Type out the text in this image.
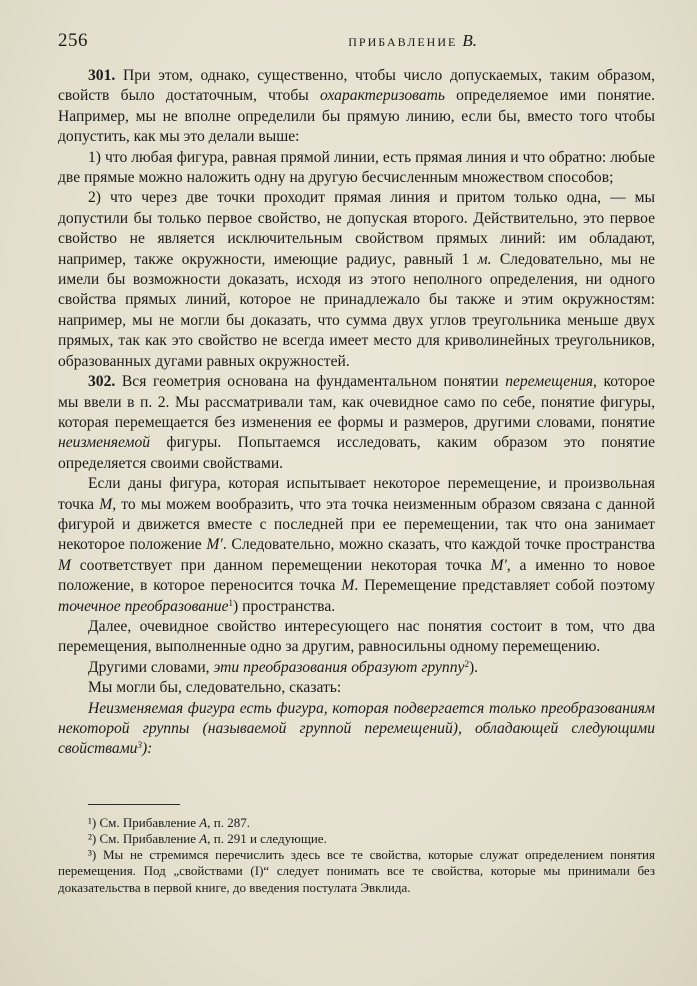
256	ПРИБАВЛЕНИЕ В.

301. При этом, однако, существенно, чтобы число допускаемых, таким образом, свойств было достаточным, чтобы охарактеризовать определяемое ими понятие. Например, мы не вполне определили бы прямую линию, если бы, вместо того чтобы допустить, как мы это делали выше:

1) что любая фигура, равная прямой линии, есть прямая линия и что обратно: любые две прямые можно наложить одну на другую бесчисленным множеством способов;

2) что через две точки проходит прямая линия и притом только одна, — мы допустили бы только первое свойство, не допуская второго. Действительно, это первое свойство не является исключительным свойством прямых линий: им обладают, например, также окружности, имеющие радиус, равный 1 м. Следовательно, мы не имели бы возможности доказать, исходя из этого неполного определения, ни одного свойства прямых линий, которое не принадлежало бы также и этим окружностям: например, мы не могли бы доказать, что сумма двух углов треугольника меньше двух прямых, так как это свойство не всегда имеет место для криволинейных треугольников, образованных дугами равных окружностей.

302. Вся геометрия основана на фундаментальном понятии перемещения, которое мы ввели в п. 2. Мы рассматривали там, как очевидное само по себе, понятие фигуры, которая перемещается без изменения ее формы и размеров, другими словами, понятие неизменяемой фигуры. Попытаемся исследовать, каким образом это понятие определяется своими свойствами.

Если даны фигура, которая испытывает некоторое перемещение, и произвольная точка M, то мы можем вообразить, что эта точка неизменным образом связана с данной фигурой и движется вместе с последней при ее перемещении, так что она занимает некоторое положение M′. Следовательно, можно сказать, что каждой точке пространства M соответствует при данном перемещении некоторая точка M′, а именно то новое положение, в которое переносится точка M. Перемещение представляет собой поэтому точечное преобразование$^1$) пространства.

Далее, очевидное свойство интересующего нас понятия состоит в том, что два перемещения, выполненные одно за другим, равносильны одному перемещению.

Другими словами, эти преобразования образуют группу$^2$).

Мы могли бы, следовательно, сказать:

Неизменяемая фигура есть фигура, которая подвергается только преобразованиям некоторой группы (называемой группой перемещений), обладающей следующими свойствами$^3$):

¹) См. Прибавление А, п. 287.

²) См. Прибавление А, п. 291 и следующие.

³) Мы не стремимся перечислить здесь все те свойства, которые служат определением понятия перемещения. Под „свойствами (I)“ следует понимать все те свойства, которые мы принимали без доказательства в первой книге, до введения постулата Эвклида.
